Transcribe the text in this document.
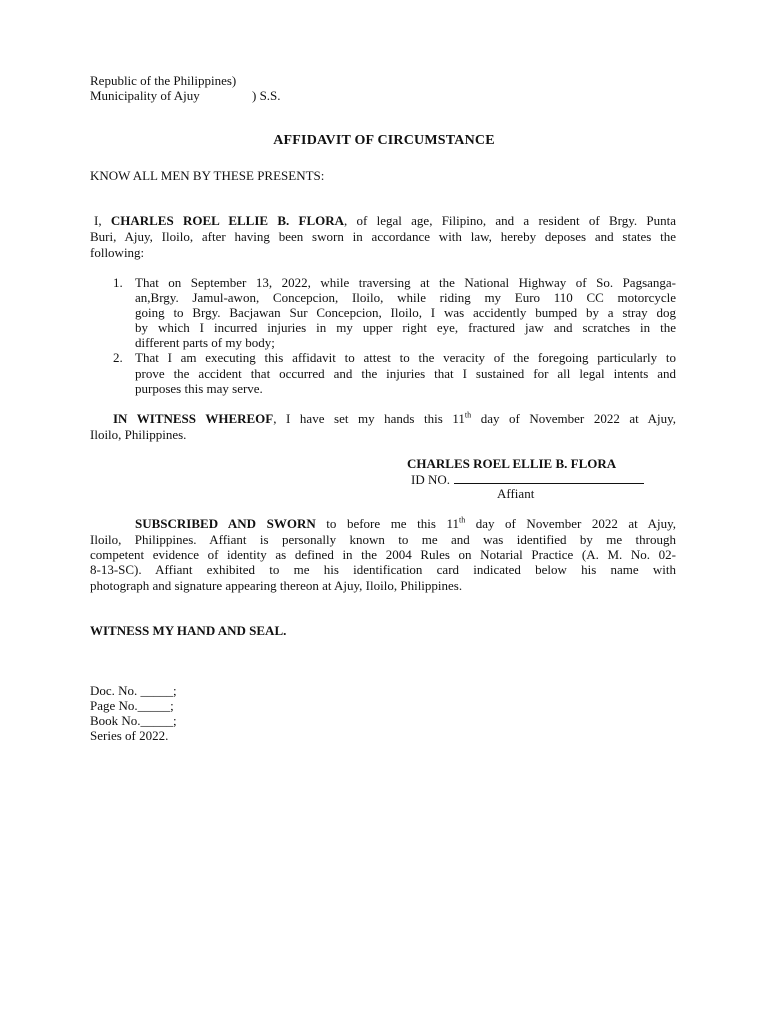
Republic of the Philippines)
Municipality of Ajuy	) S.S.
AFFIDAVIT OF CIRCUMSTANCE
KNOW ALL MEN BY THESE PRESENTS:
I, CHARLES ROEL ELLIE B. FLORA, of legal age, Filipino, and a resident of Brgy. Punta
Buri, Ajuy, Iloilo, after having been sworn in accordance with law, hereby deposes and states the
following:
1. That on September 13, 2022, while traversing at the National Highway of So. Pagsanga-
an,Brgy. Jamul-awon, Concepcion, Iloilo, while riding my Euro 110 CC motorcycle
going to Brgy. Bacjawan Sur Concepcion, Iloilo, I was accidently bumped by a stray dog
by which I incurred injuries in my upper right eye, fractured jaw and scratches in the
different parts of my body;
2. That I am executing this affidavit to attest to the veracity of the foregoing particularly to
prove the accident that occurred and the injuries that I sustained for all legal intents and
purposes this may serve.
IN WITNESS WHEREOF, I have set my hands this 11th day of November 2022 at Ajuy,
Iloilo, Philippines.
CHARLES ROEL ELLIE B. FLORA
ID NO.
Affiant
SUBSCRIBED AND SWORN to before me this 11th day of November 2022 at Ajuy,
Iloilo, Philippines. Affiant is personally known to me and was identified by me through
competent evidence of identity as defined in the 2004 Rules on Notarial Practice (A. M. No. 02-
8-13-SC). Affiant exhibited to me his identification card indicated below his name with
photograph and signature appearing thereon at Ajuy, Iloilo, Philippines.
WITNESS MY HAND AND SEAL.
Doc. No. _____;
Page No._____;
Book No._____;
Series of 2022.
